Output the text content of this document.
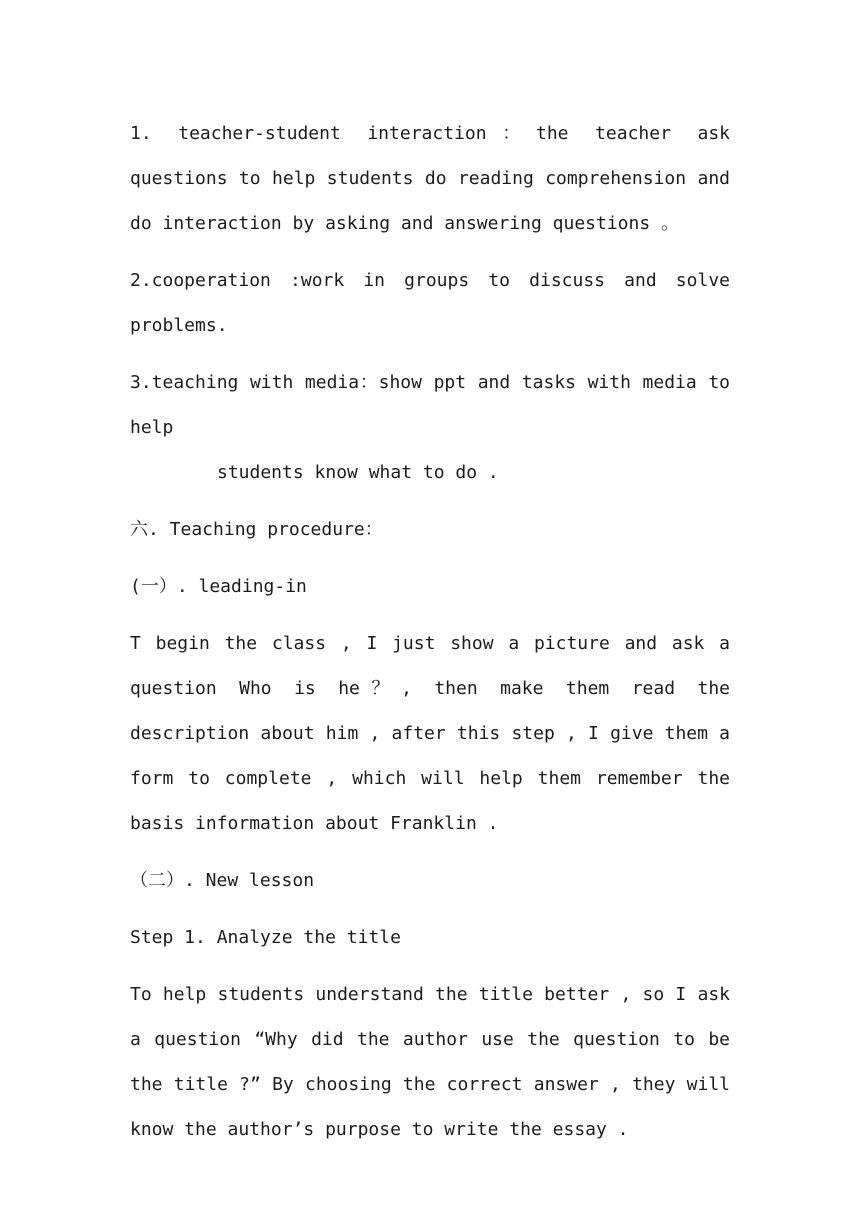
1. teacher-student interaction：the teacher ask questions to help students do reading comprehension and do interaction by asking and answering questions 。

2.cooperation :work in groups to discuss and solve problems.

3.teaching with media：show ppt and tasks with media to help

students know what to do .

六. Teaching procedure：

(一）. leading-in

T begin the class , I just show a picture and ask a question Who is he？, then make them read the description about him , after this step , I give them a form to complete , which will help them remember the basis information about Franklin .

（二）. New lesson

Step 1. Analyze the title

To help students understand the title better , so I ask a question “Why did the author use the question to be the title ?” By choosing the correct answer , they will know the author’s purpose to write the essay .
